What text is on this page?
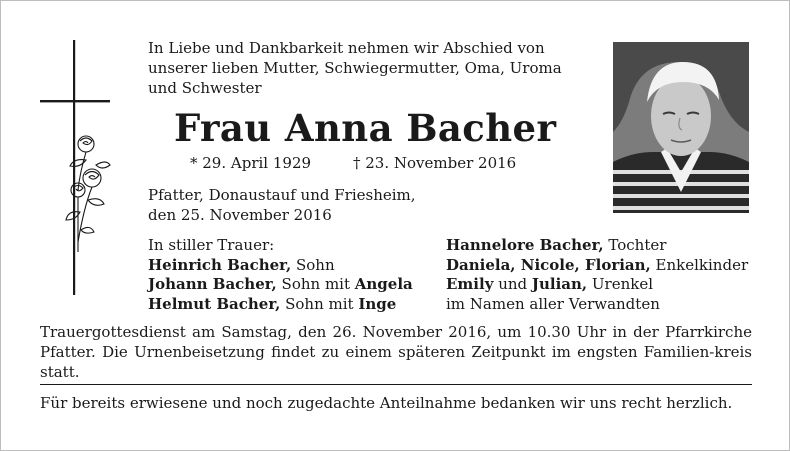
In Liebe und Dankbarkeit nehmen wir Abschied von
unserer lieben Mutter, Schwiegermutter, Oma, Uroma
und Schwester
Frau Anna Bacher
* 29. April 1929	† 23. November 2016
Pfatter, Donaustauf und Friesheim,
den 25. November 2016
In stiller Trauer:
Heinrich Bacher, Sohn
Johann Bacher, Sohn mit Angela
Helmut Bacher, Sohn mit Inge
Hannelore Bacher, Tochter
Daniela, Nicole, Florian, Enkelkinder
Emily und Julian, Urenkel
im Namen aller Verwandten
Trauergottesdienst am Samstag, den 26. November 2016, um 10.30 Uhr in der Pfarrkirche Pfatter. Die Urnenbeisetzung findet zu einem späteren Zeitpunkt im engsten Familien-kreis statt.
Für bereits erwiesene und noch zugedachte Anteilnahme bedanken wir uns recht herzlich.
